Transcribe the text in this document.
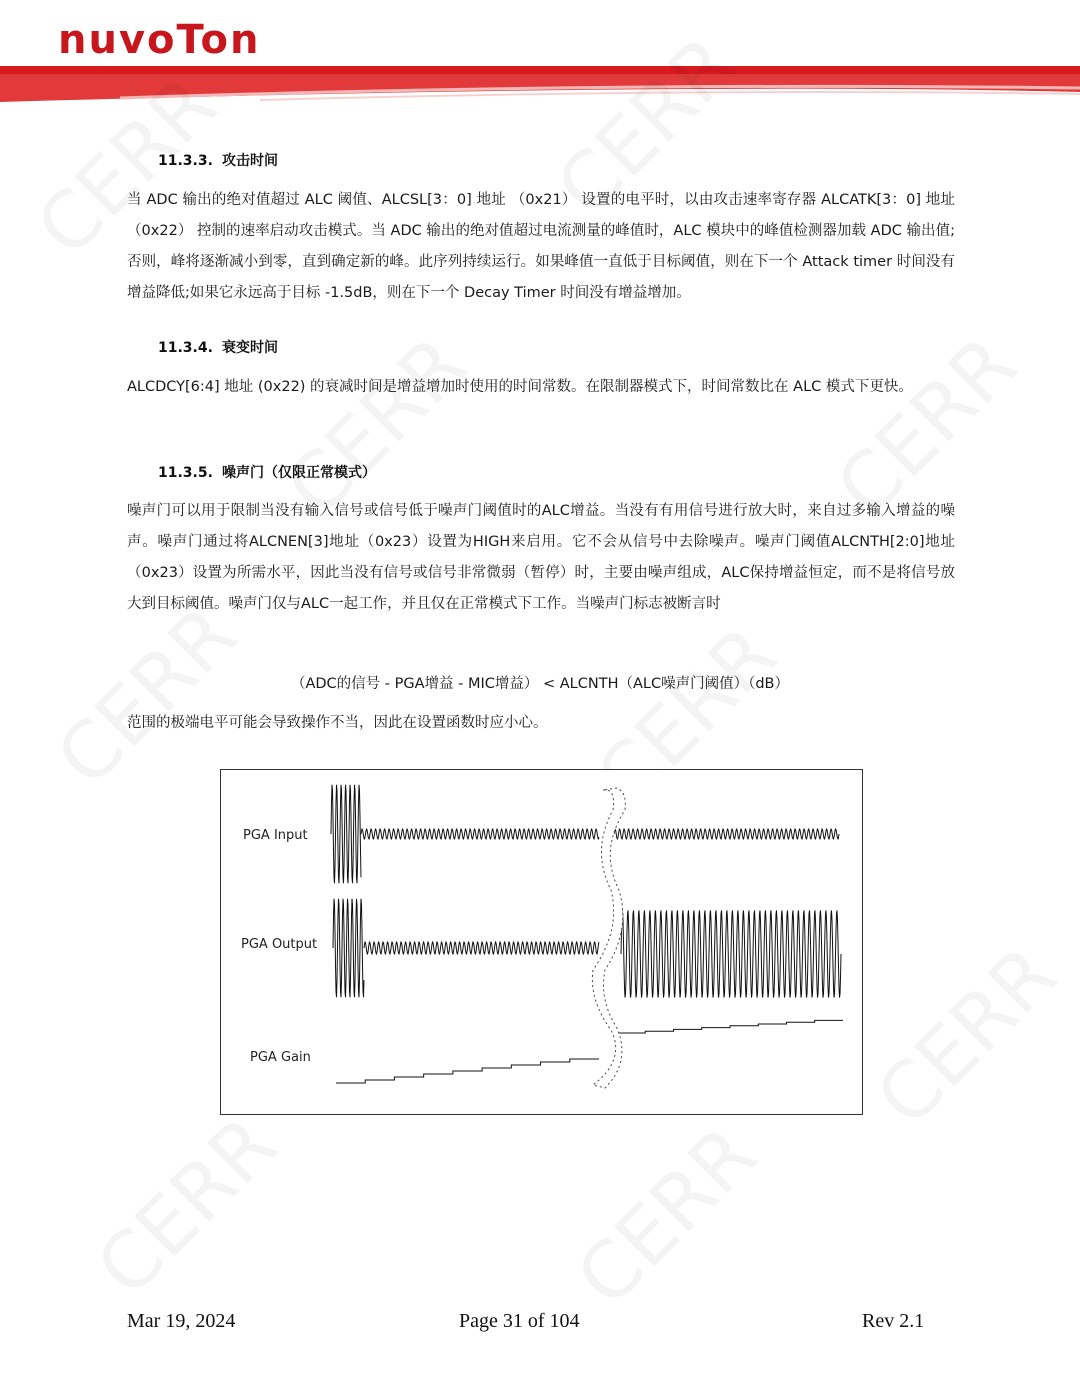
nuvoTon
11.3.3. 攻击时间
当 ADC 输出的绝对值超过 ALC 阈值、ALCSL[3：0] 地址 （0x21） 设置的电平时，以由攻击速率寄存器 ALCATK[3：0] 地址 （0x22） 控制的速率启动攻击模式。当 ADC 输出的绝对值超过电流测量的峰值时，ALC 模块中的峰值检测器加载 ADC 输出值;否则，峰将逐渐减小到零，直到确定新的峰。此序列持续运行。如果峰值一直低于目标阈值，则在下一个 Attack timer 时间没有增益降低;如果它永远高于目标 -1.5dB，则在下一个 Decay Timer 时间没有增益增加。
11.3.4. 衰变时间
ALCDCY[6:4] 地址 (0x22) 的衰减时间是增益增加时使用的时间常数。在限制器模式下，时间常数比在 ALC 模式下更快。
11.3.5. 噪声门（仅限正常模式）
噪声门可以用于限制当没有输入信号或信号低于噪声门阈值时的ALC增益。当没有有用信号进行放大时，来自过多输入增益的噪声。噪声门通过将ALCNEN[3]地址（0x23）设置为HIGH来启用。它不会从信号中去除噪声。噪声门阈值ALCNTH[2:0]地址（0x23）设置为所需水平，因此当没有信号或信号非常微弱（暂停）时，主要由噪声组成，ALC保持增益恒定，而不是将信号放大到目标阈值。噪声门仅与ALC一起工作，并且仅在正常模式下工作。当噪声门标志被断言时
（ADC的信号 - PGA增益 - MIC增益） < ALCNTH（ALC噪声门阈值）（dB）
范围的极端电平可能会导致操作不当，因此在设置函数时应小心。
PGA Input
PGA Output
PGA Gain
Mar 19, 2024	Page 31 of 104	Rev 2.1
